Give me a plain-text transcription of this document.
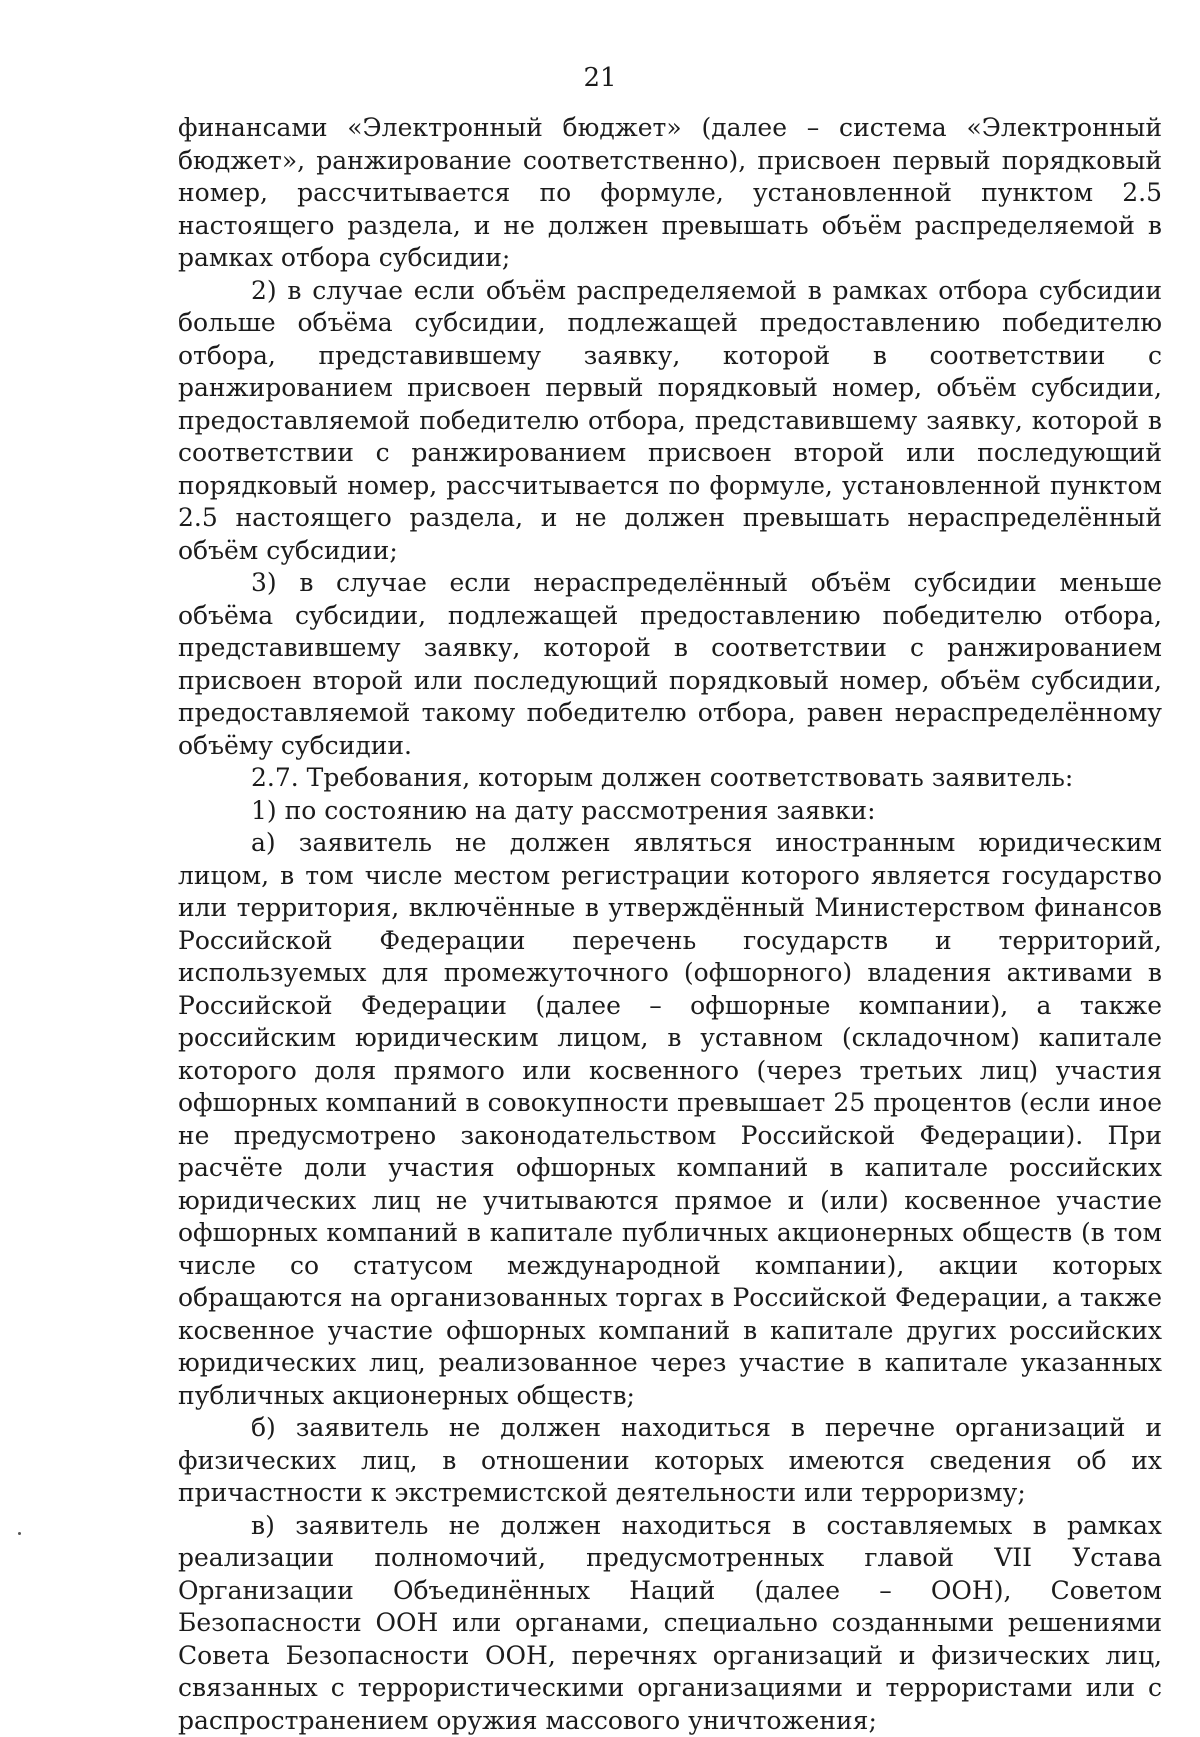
21

финансами «Электронный бюджет» (далее – система «Электронный бюджет», ранжирование соответственно), присвоен первый порядковый номер, рассчитывается по формуле, установленной пунктом 2.5 настоящего раздела, и не должен превышать объём распределяемой в рамках отбора субсидии;

2) в случае если объём распределяемой в рамках отбора субсидии больше объёма субсидии, подлежащей предоставлению победителю отбора, представившему заявку, которой в соответствии с ранжированием присвоен первый порядковый номер, объём субсидии, предоставляемой победителю отбора, представившему заявку, которой в соответствии с ранжированием присвоен второй или последующий порядковый номер, рассчитывается по формуле, установленной пунктом 2.5 настоящего раздела, и не должен превышать нераспределённый объём субсидии;

3) в случае если нераспределённый объём субсидии меньше объёма субсидии, подлежащей предоставлению победителю отбора, представившему заявку, которой в соответствии с ранжированием присвоен второй или последующий порядковый номер, объём субсидии, предоставляемой такому победителю отбора, равен нераспределённому объёму субсидии.

2.7. Требования, которым должен соответствовать заявитель:

1) по состоянию на дату рассмотрения заявки:

а) заявитель не должен являться иностранным юридическим лицом, в том числе местом регистрации которого является государство или территория, включённые в утверждённый Министерством финансов Российской Федерации перечень государств и территорий, используемых для промежуточного (офшорного) владения активами в Российской Федерации (далее – офшорные компании), а также российским юридическим лицом, в уставном (складочном) капитале которого доля прямого или косвенного (через третьих лиц) участия офшорных компаний в совокупности превышает 25 процентов (если иное не предусмотрено законодательством Российской Федерации). При расчёте доли участия офшорных компаний в капитале российских юридических лиц не учитываются прямое и (или) косвенное участие офшорных компаний в капитале публичных акционерных обществ (в том числе со статусом международной компании), акции которых обращаются на организованных торгах в Российской Федерации, а также косвенное участие офшорных компаний в капитале других российских юридических лиц, реализованное через участие в капитале указанных публичных акционерных обществ;

б) заявитель не должен находиться в перечне организаций и физических лиц, в отношении которых имеются сведения об их причастности к экстремистской деятельности или терроризму;

в) заявитель не должен находиться в составляемых в рамках реализации полномочий, предусмотренных главой VII Устава Организации Объединённых Наций (далее – ООН), Советом Безопасности ООН или органами, специально созданными решениями Совета Безопасности ООН, перечнях организаций и физических лиц, связанных с террористическими организациями и террористами или с распространением оружия массового уничтожения;
